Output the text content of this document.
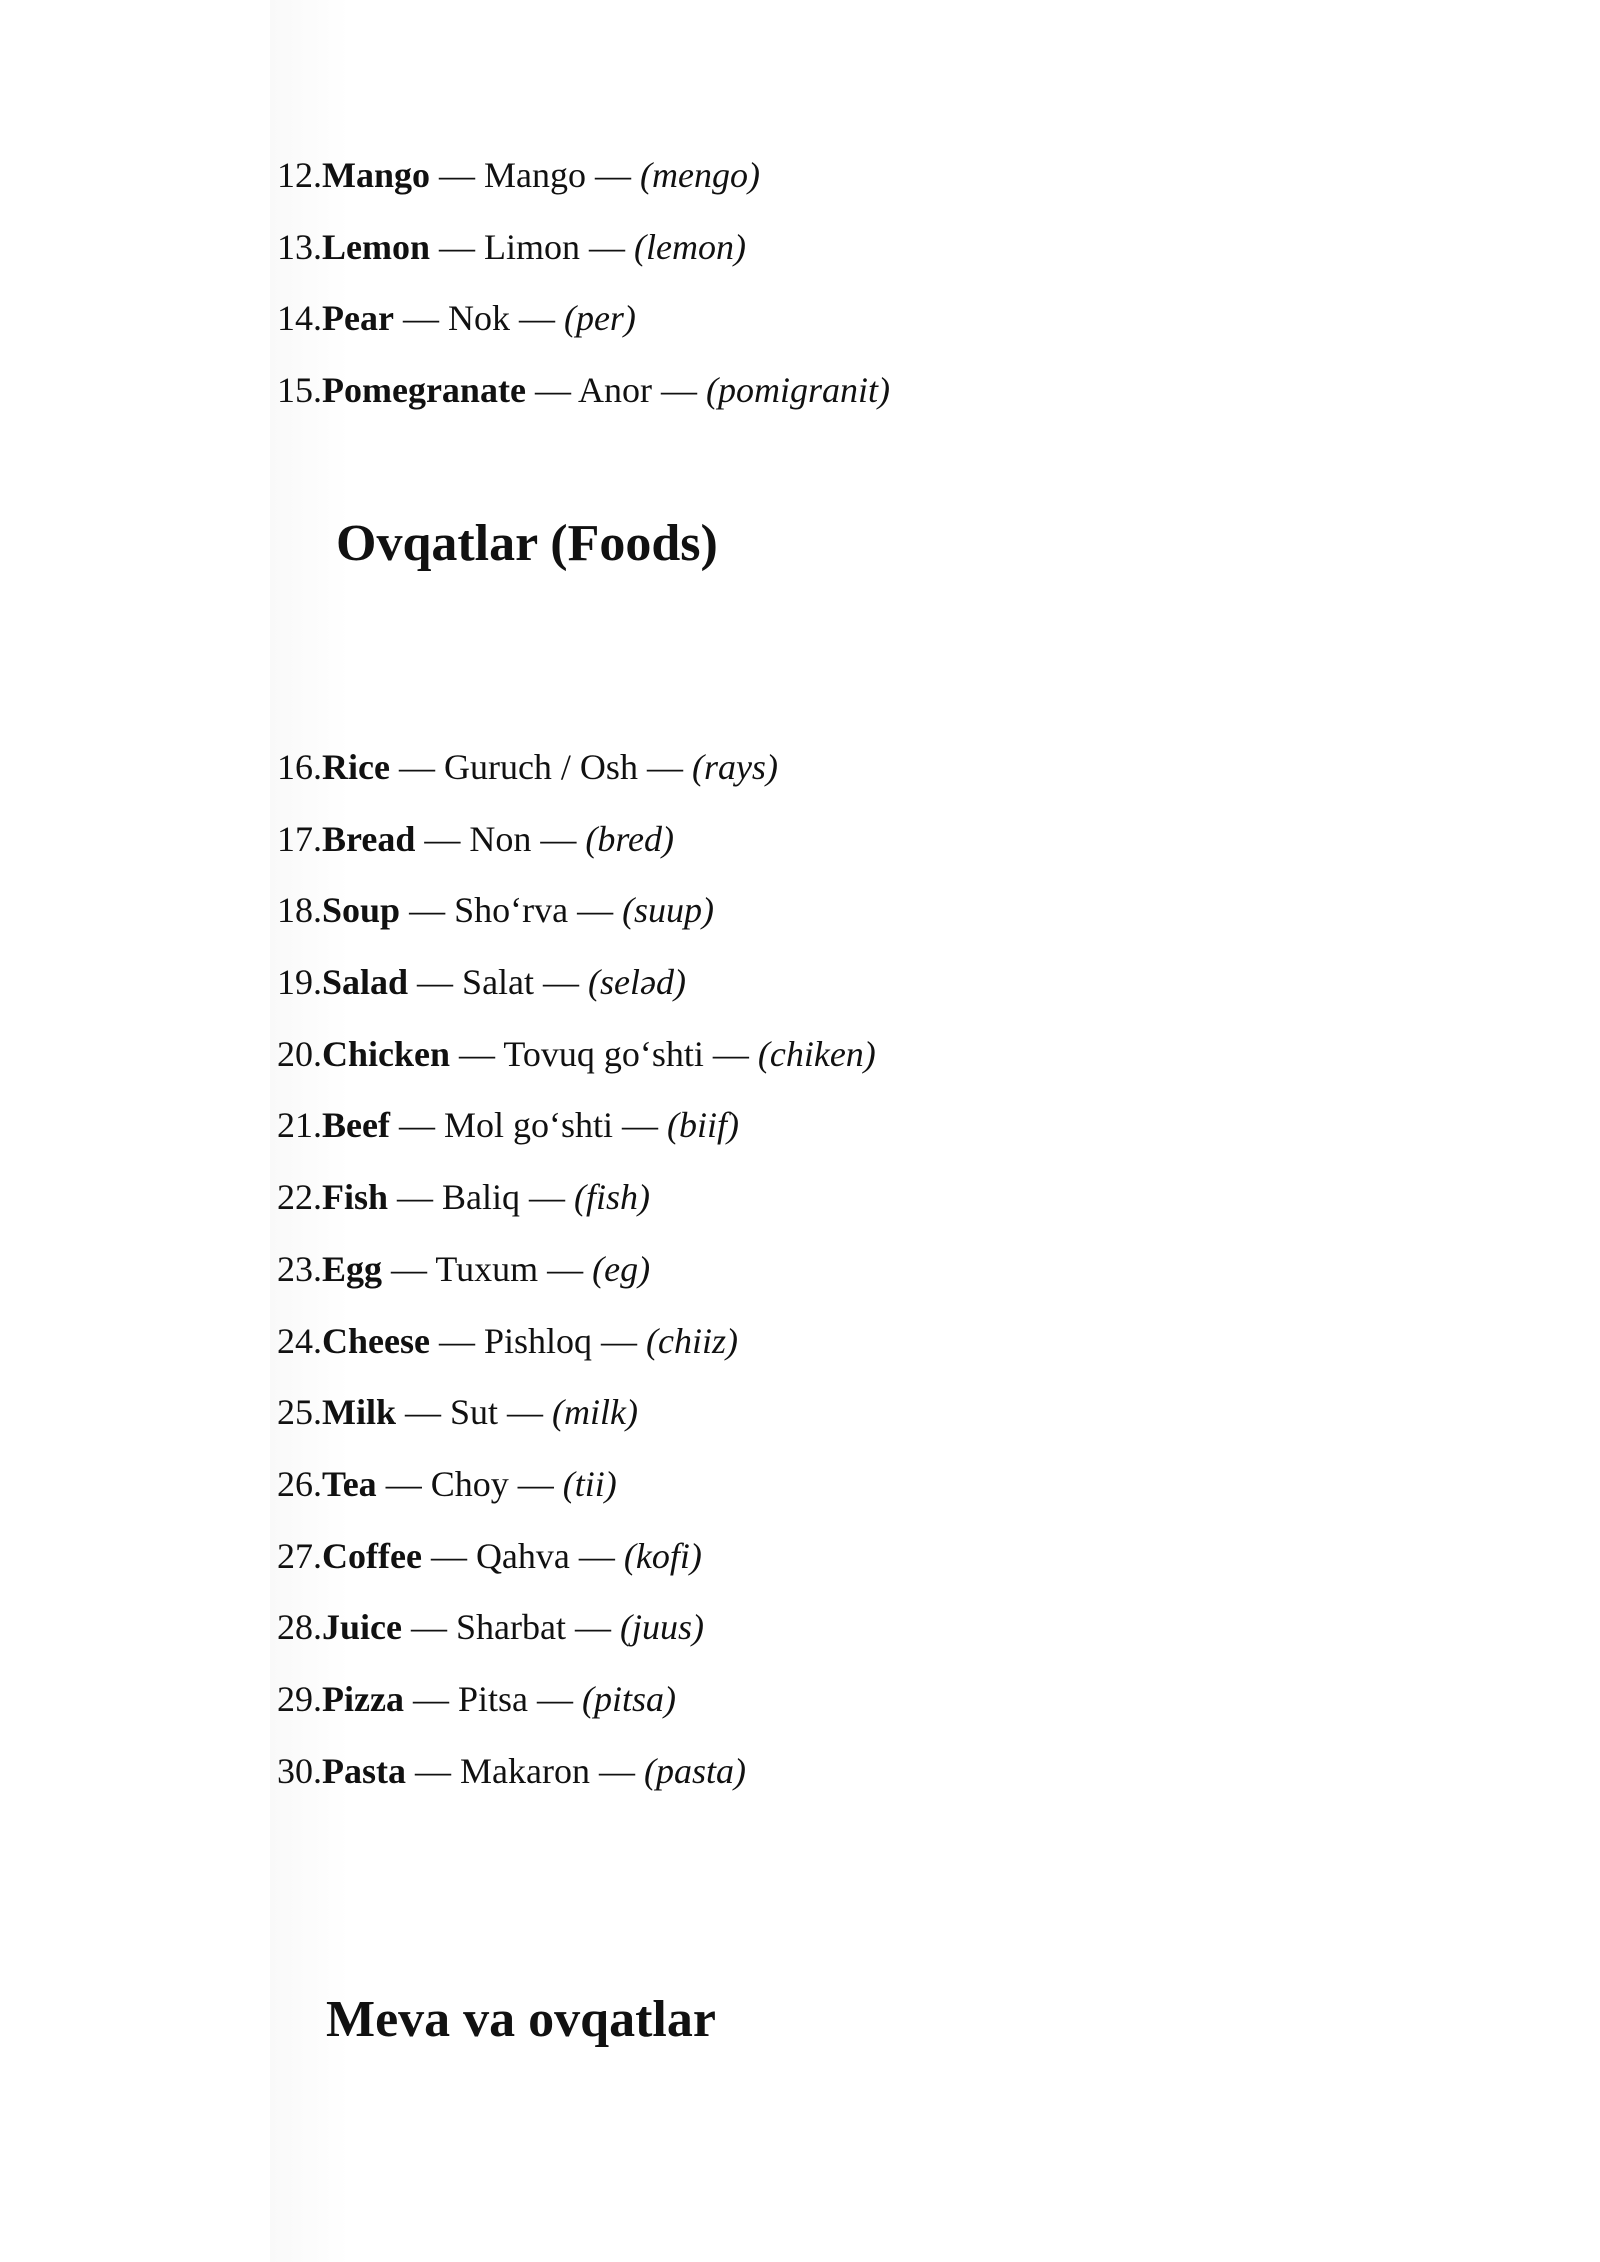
12.Mango — Mango — (mengo)
13.Lemon — Limon — (lemon)
14.Pear — Nok — (per)
15.Pomegranate — Anor — (pomigranit)
Ovqatlar (Foods)
16.Rice — Guruch / Osh — (rays)
17.Bread — Non — (bred)
18.Soup — Sho‘rva — (suup)
19.Salad — Salat — (selәd)
20.Chicken — Tovuq go‘shti — (chiken)
21.Beef — Mol go‘shti — (biif)
22.Fish — Baliq — (fish)
23.Egg — Tuxum — (eg)
24.Cheese — Pishloq — (chiiz)
25.Milk — Sut — (milk)
26.Tea — Choy — (tii)
27.Coffee — Qahva — (kofi)
28.Juice — Sharbat — (juus)
29.Pizza — Pitsa — (pitsa)
30.Pasta — Makaron — (pasta)
Meva va ovqatlar
